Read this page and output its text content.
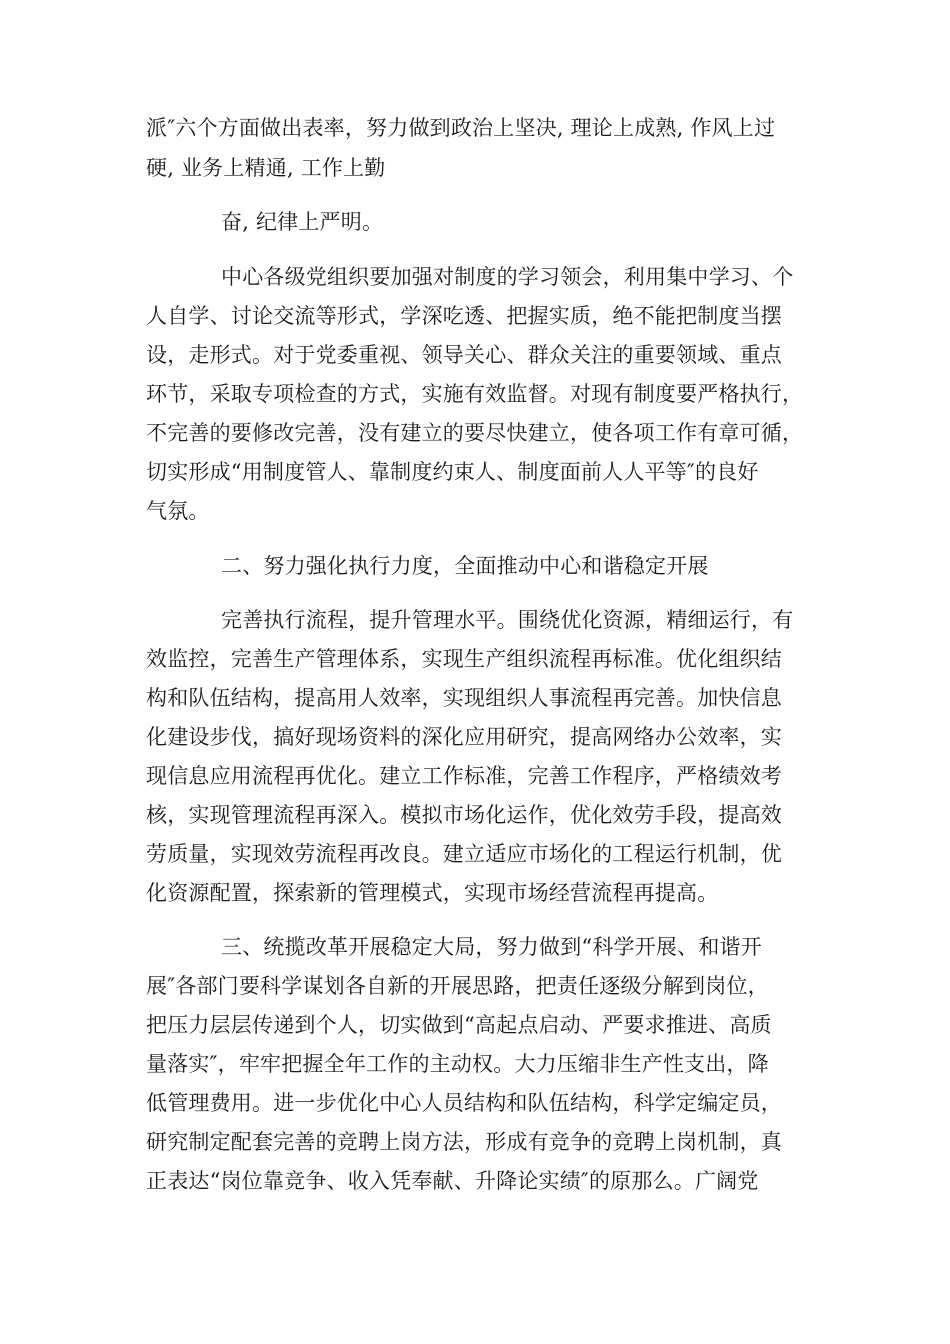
派″六个方面做出表率，努力做到政治上坚决, 理论上成熟, 作风上过
硬, 业务上精通, 工作上勤
奋, 纪律上严明。
中心各级党组织要加强对制度的学习领会，利用集中学习、个
人自学、讨论交流等形式，学深吃透、把握实质，绝不能把制度当摆
设，走形式。对于党委重视、领导关心、群众关注的重要领域、重点
环节，采取专项检查的方式，实施有效监督。对现有制度要严格执行，
不完善的要修改完善，没有建立的要尽快建立，使各项工作有章可循，
切实形成“用制度管人、靠制度约束人、制度面前人人平等″的良好
气氛。
二、努力强化执行力度，全面推动中心和谐稳定开展
完善执行流程，提升管理水平。围绕优化资源，精细运行，有
效监控，完善生产管理体系，实现生产组织流程再标准。优化组织结
构和队伍结构，提高用人效率，实现组织人事流程再完善。加快信息
化建设步伐，搞好现场资料的深化应用研究，提高网络办公效率，实
现信息应用流程再优化。建立工作标准，完善工作程序，严格绩效考
核，实现管理流程再深入。模拟市场化运作，优化效劳手段，提高效
劳质量，实现效劳流程再改良。建立适应市场化的工程运行机制，优
化资源配置，探索新的管理模式，实现市场经营流程再提高。
三、统揽改革开展稳定大局，努力做到“科学开展、和谐开
展″各部门要科学谋划各自新的开展思路，把责任逐级分解到岗位，
把压力层层传递到个人，切实做到“高起点启动、严要求推进、高质
量落实″，牢牢把握全年工作的主动权。大力压缩非生产性支出，降
低管理费用。进一步优化中心人员结构和队伍结构，科学定编定员，
研究制定配套完善的竞聘上岗方法，形成有竞争的竞聘上岗机制，真
正表达“岗位靠竞争、收入凭奉献、升降论实绩″的原那么。广阔党
